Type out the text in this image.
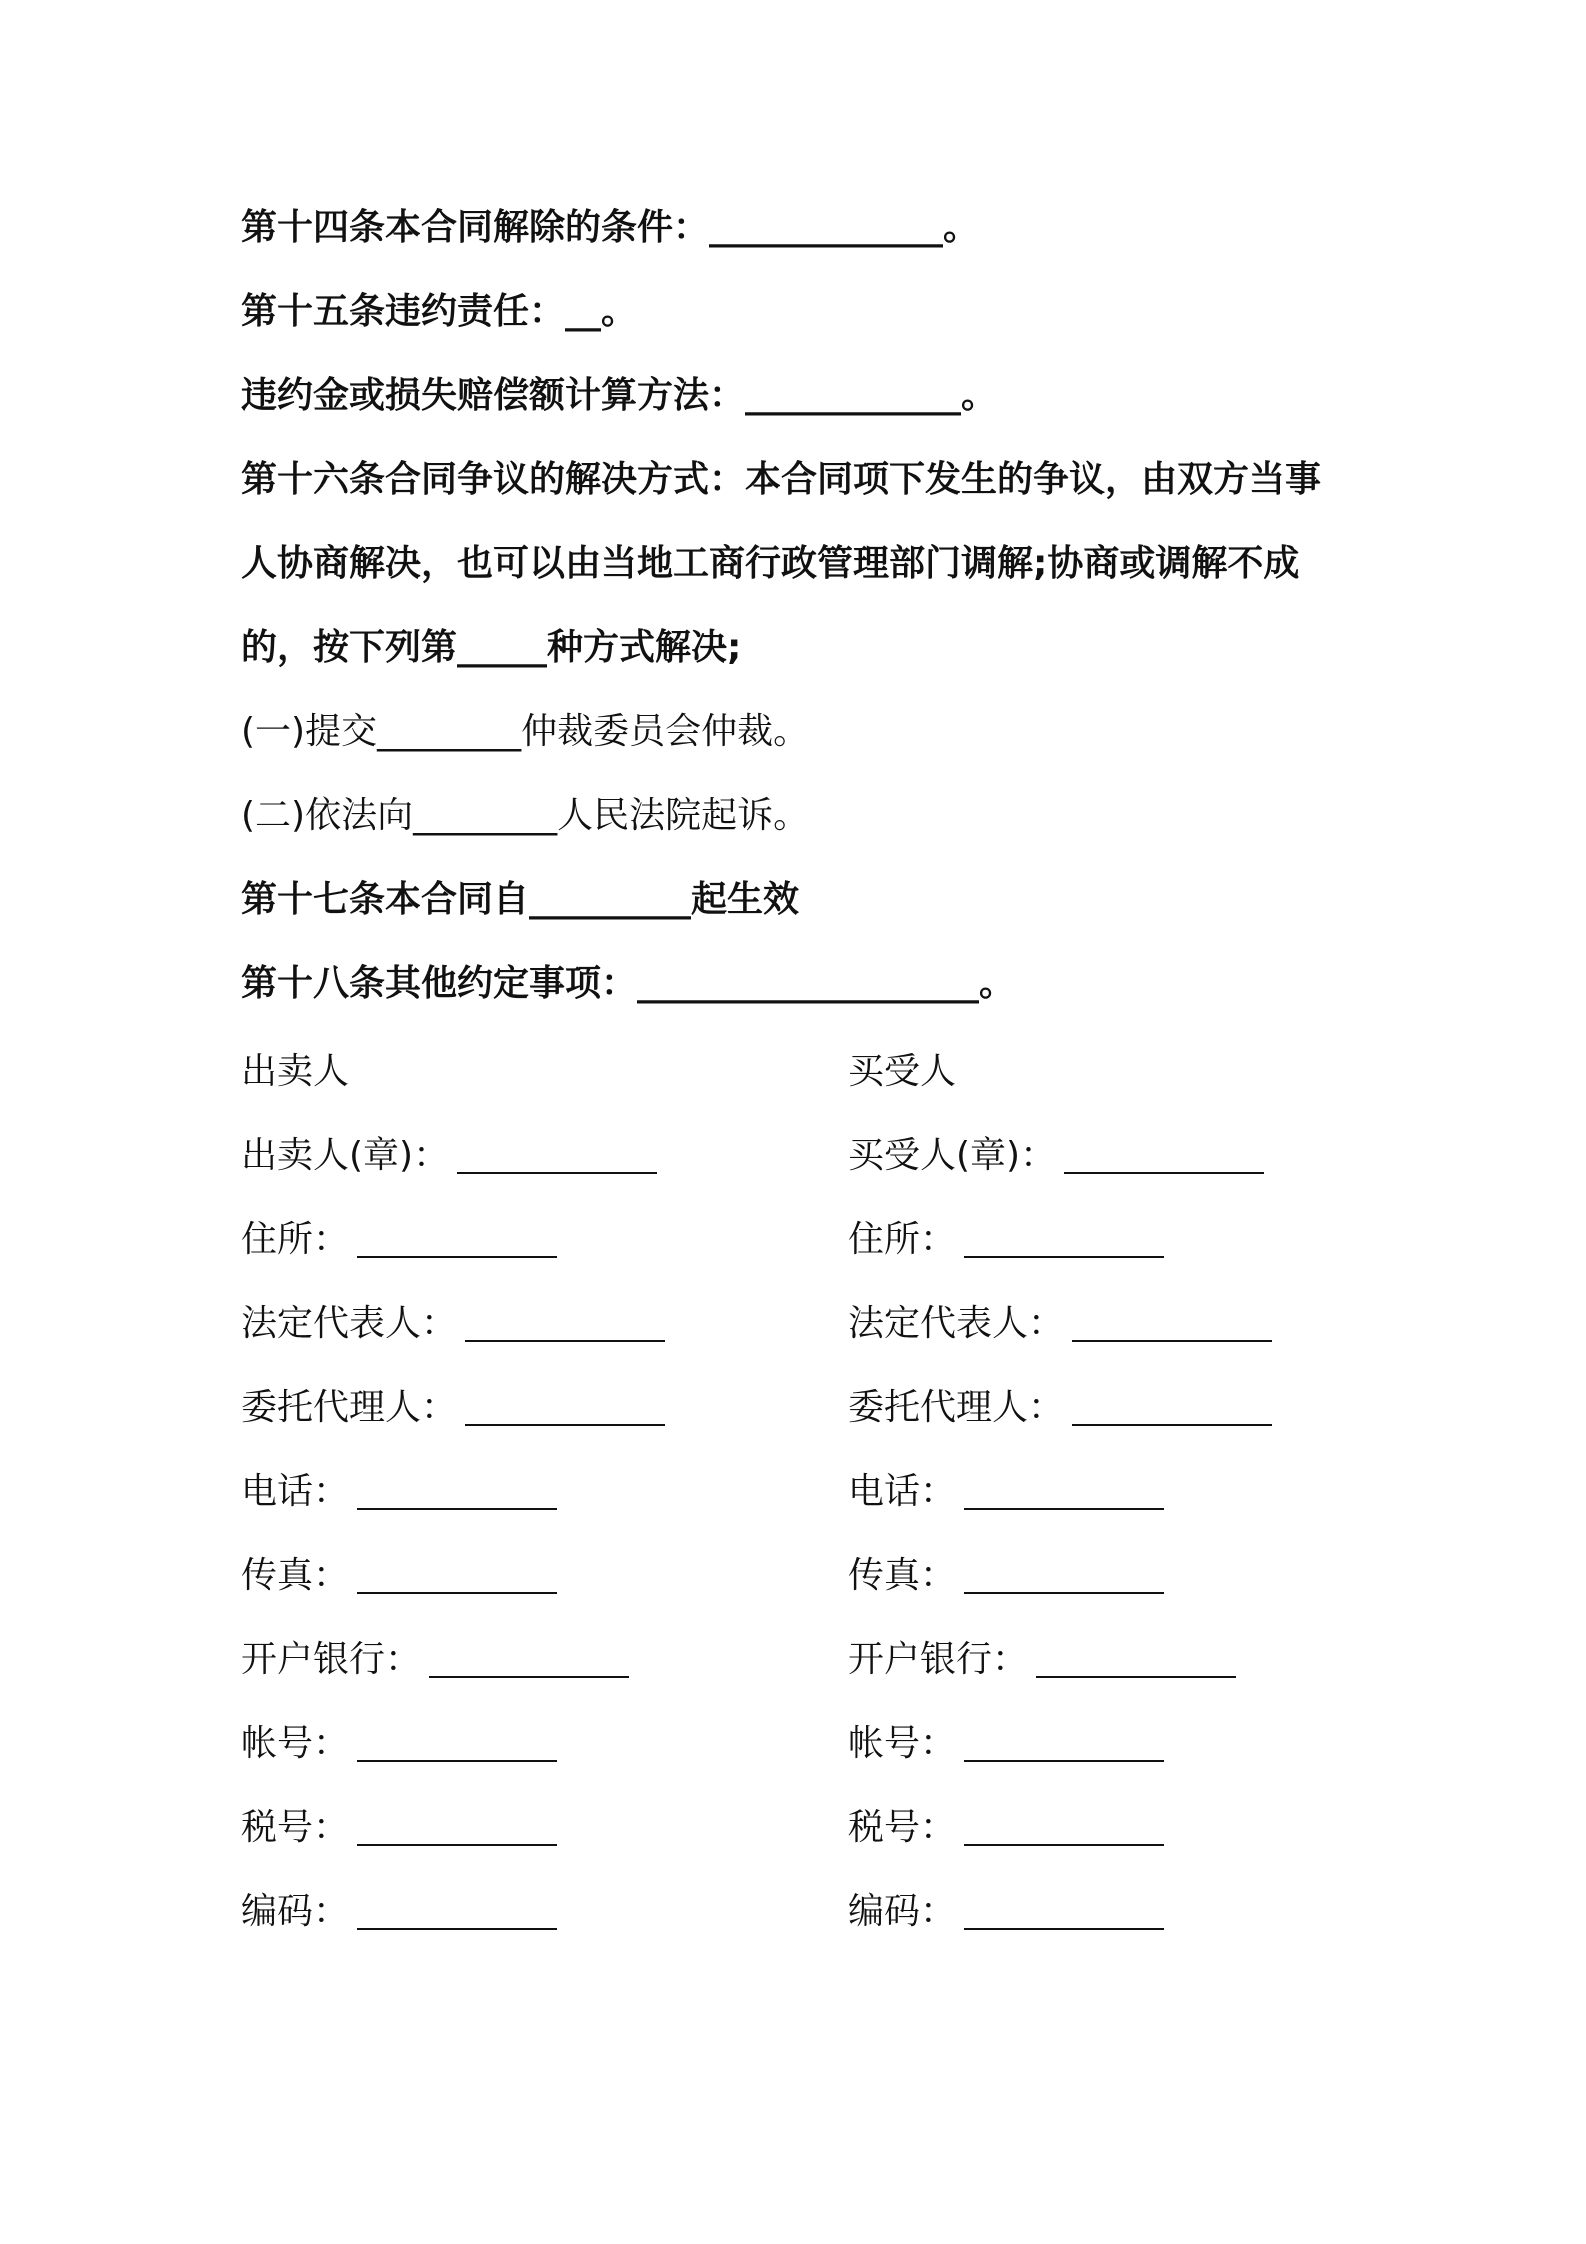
第十四条本合同解除的条件：_____________。
第十五条违约责任：__。
违约金或损失赔偿额计算方法：____________。
第十六条合同争议的解决方式：本合同项下发生的争议，由双方当事
人协商解决，也可以由当地工商行政管理部门调解;协商或调解不成
的，按下列第_____种方式解决;
(一)提交________仲裁委员会仲裁。
(二)依法向________人民法院起诉。
第十七条本合同自_________起生效
第十八条其他约定事项：___________________。
出卖人	买受人
出卖人(章)：
住所：
法定代表人：
委托代理人：
电话：
传真：
开户银行：
帐号：
税号：
编码：
买受人(章)：
住所：
法定代表人：
委托代理人：
电话：
传真：
开户银行：
帐号：
税号：
编码：
